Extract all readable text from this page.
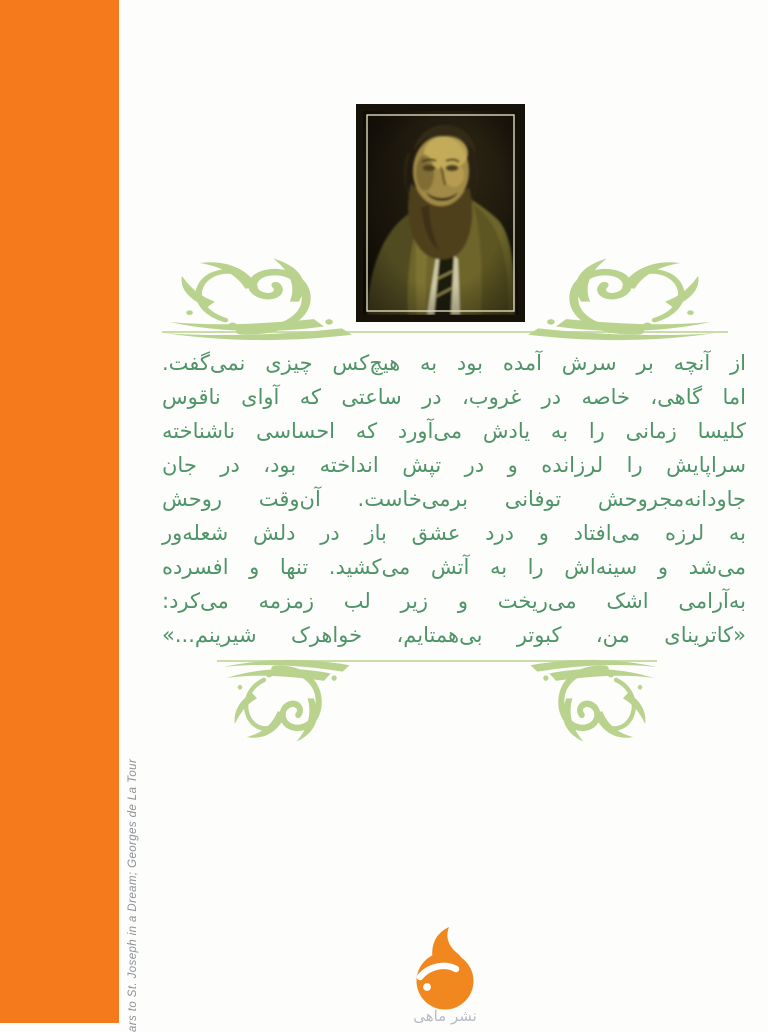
ars to St. Joseph in a Dream; Georges de La Tour
از آنچه بر سرش آمده بود به هیچ‌کس چیزی نمی‌گفت.
اما گاهی، خاصه در غروب، در ساعتی که آوای ناقوس
کلیسا زمانی را به یادش می‌آورد که احساسی ناشناخته
سراپایش را لرزانده و در تپش انداخته بود، در جان
جاودانه‌مجروحش توفانی برمی‌خاست. آن‌وقت روحش
به لرزه می‌افتاد و درد عشق باز در دلش شعله‌ور
می‌شد و سینه‌اش را به آتش می‌کشید. تنها و افسرده
به‌آرامی اشک می‌ریخت و زیر لب زمزمه می‌کرد:
«کاترینای من، کبوتر بی‌همتایم، خواهرک شیرینم...»
نشر ماهی
